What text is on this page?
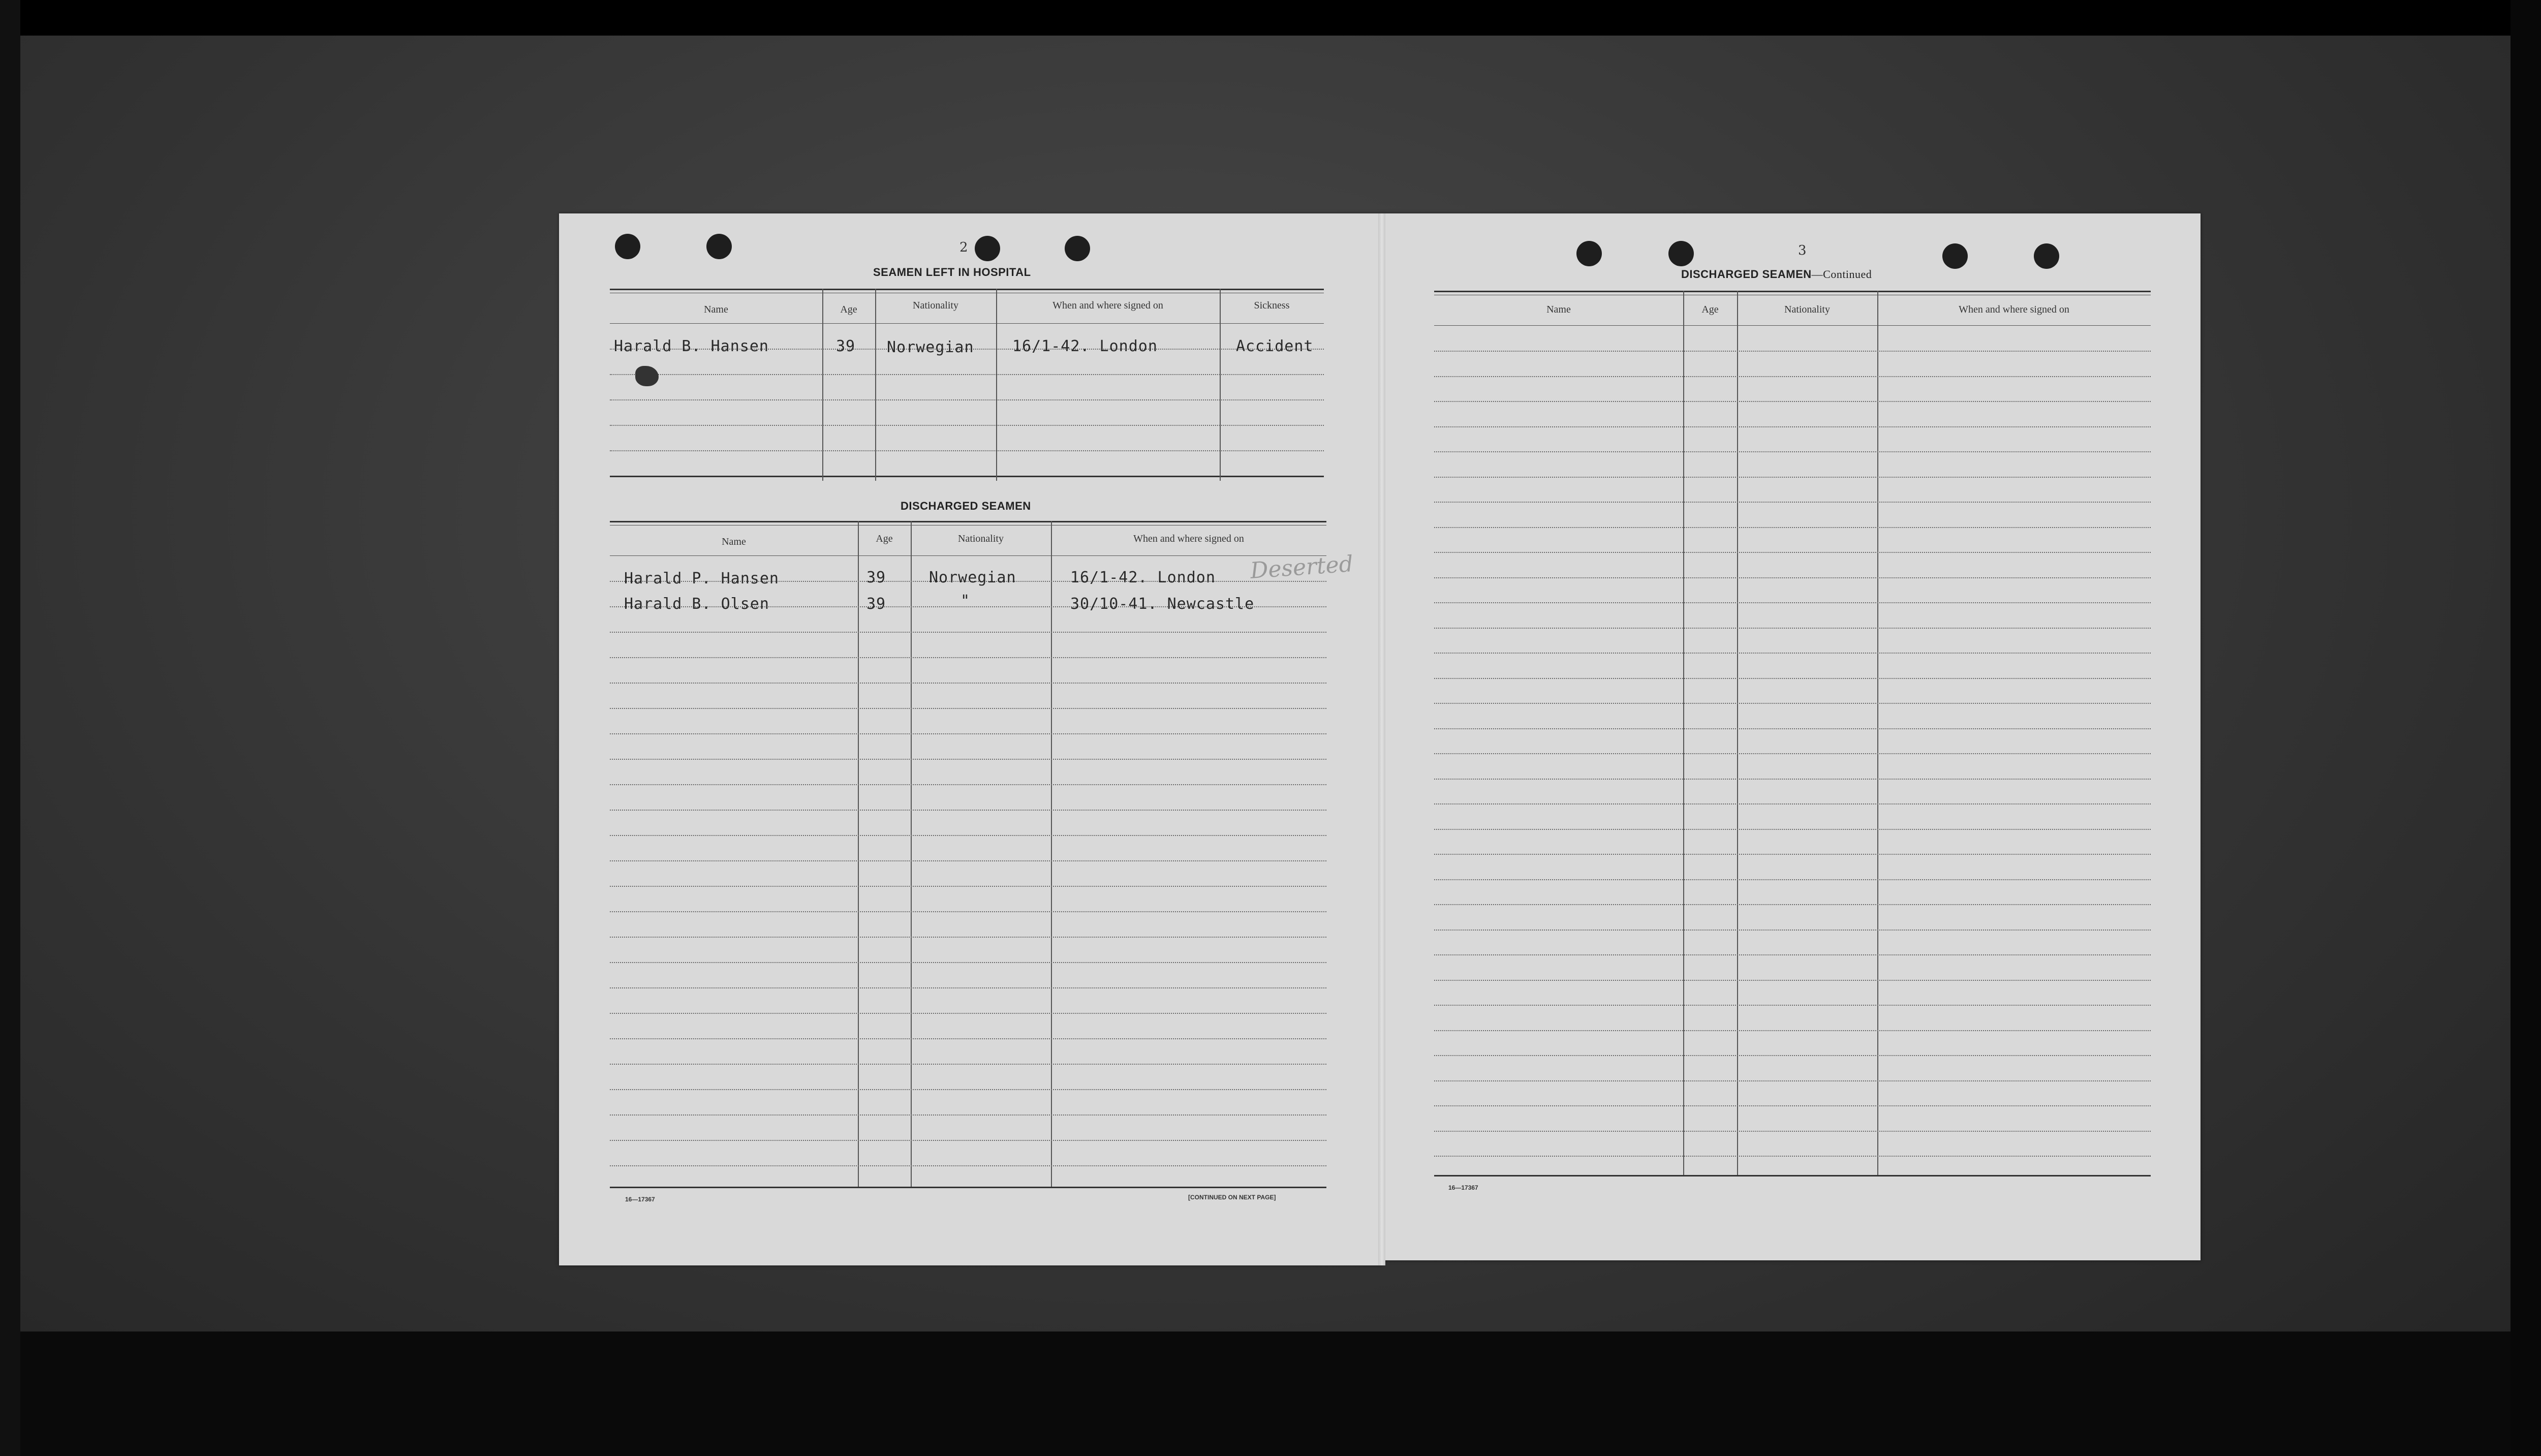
2
SEAMEN LEFT IN HOSPITAL
Name	Age	Nationality	When and where signed on	Sickness
Harald B. Hansen	39 Norwegian	16/1-42. London	Accident
DISCHARGED SEAMEN
Name	Age	Nationality	When and where signed on
Harald P. Hansen	39	Norwegian	16/1-42. London
Harald B. Olsen	39	"	30/10-41. Newcastle
Deserted
16—17367	[CONTINUED ON NEXT PAGE]
3
DISCHARGED SEAMEN—Continued
Name	Age	Nationality	When and where signed on
16—17367
